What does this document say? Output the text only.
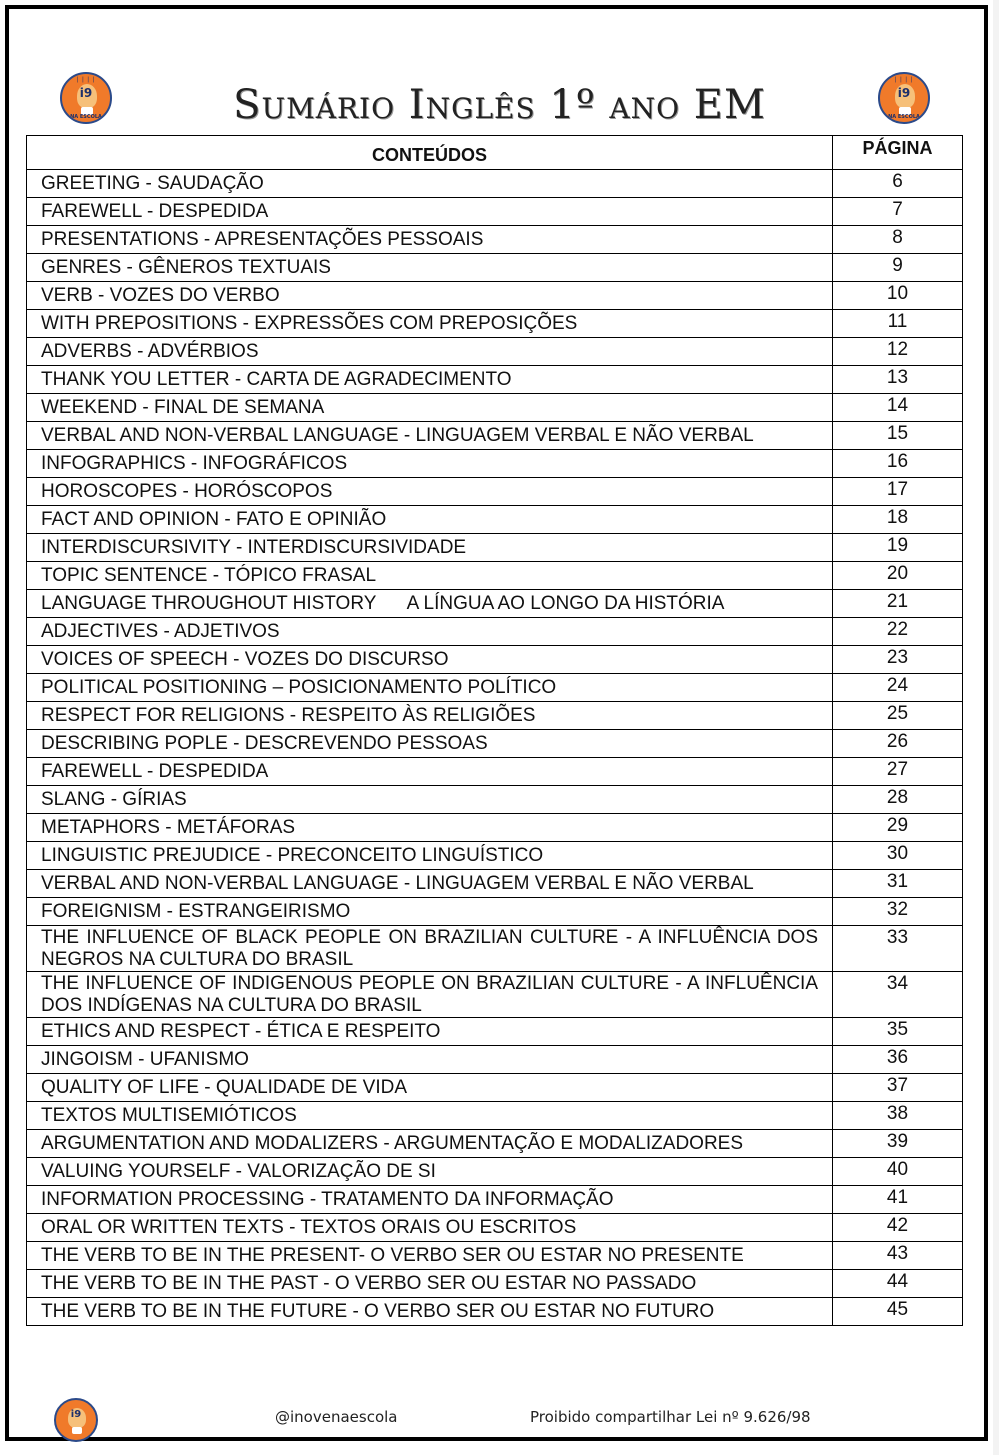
| | | |
i9
NA ESCOLA	Sumário Inglês 1º ano EM
| | | |
i9
NA ESCOLA
CONTEÚDOS	PÁGINA
GREETING - SAUDAÇÃO	6
FAREWELL - DESPEDIDA	7
PRESENTATIONS - APRESENTAÇÕES PESSOAIS	8
GENRES - GÊNEROS TEXTUAIS	9
VERB - VOZES DO VERBO	10
WITH PREPOSITIONS - EXPRESSÕES COM PREPOSIÇÕES	11
ADVERBS - ADVÉRBIOS	12
THANK YOU LETTER - CARTA DE AGRADECIMENTO	13
WEEKEND - FINAL DE SEMANA	14
VERBAL AND NON-VERBAL LANGUAGE - LINGUAGEM VERBAL E NÃO VERBAL	15
INFOGRAPHICS - INFOGRÁFICOS	16
HOROSCOPES - HORÓSCOPOS	17
FACT AND OPINION - FATO E OPINIÃO	18
INTERDISCURSIVITY - INTERDISCURSIVIDADE	19
TOPIC SENTENCE - TÓPICO FRASAL	20
LANGUAGE THROUGHOUT HISTORY      A LÍNGUA AO LONGO DA HISTÓRIA	21
ADJECTIVES - ADJETIVOS	22
VOICES OF SPEECH - VOZES DO DISCURSO	23
POLITICAL POSITIONING – POSICIONAMENTO POLÍTICO	24
RESPECT FOR RELIGIONS - RESPEITO ÀS RELIGIÕES	25
DESCRIBING POPLE - DESCREVENDO PESSOAS	26
FAREWELL - DESPEDIDA	27
SLANG - GÍRIAS	28
METAPHORS - METÁFORAS	29
LINGUISTIC PREJUDICE - PRECONCEITO LINGUÍSTICO	30
VERBAL AND NON-VERBAL LANGUAGE - LINGUAGEM VERBAL E NÃO VERBAL	31
FOREIGNISM - ESTRANGEIRISMO	32
THE INFLUENCE OF BLACK PEOPLE ON BRAZILIAN CULTURE - A INFLUÊNCIA DOS NEGROS NA CULTURA DO BRASIL	33
THE INFLUENCE OF INDIGENOUS PEOPLE ON BRAZILIAN CULTURE - A INFLUÊNCIA DOS INDÍGENAS NA CULTURA DO BRASIL	34
ETHICS AND RESPECT - ÉTICA E RESPEITO	35
JINGOISM - UFANISMO	36
QUALITY OF LIFE - QUALIDADE DE VIDA	37
TEXTOS MULTISEMIÓTICOS	38
ARGUMENTATION AND MODALIZERS - ARGUMENTAÇÃO E MODALIZADORES	39
VALUING YOURSELF - VALORIZAÇÃO DE SI	40
INFORMATION PROCESSING - TRATAMENTO DA INFORMAÇÃO	41
ORAL OR WRITTEN TEXTS - TEXTOS ORAIS OU ESCRITOS	42
THE VERB TO BE IN THE PRESENT- O VERBO SER OU ESTAR NO PRESENTE	43
THE VERB TO BE IN THE PAST - O VERBO SER OU ESTAR NO PASSADO	44
THE VERB TO BE IN THE FUTURE - O VERBO SER OU ESTAR NO FUTURO	45
i9	@inovenaescola	Proibido compartilhar Lei nº 9.626/98
